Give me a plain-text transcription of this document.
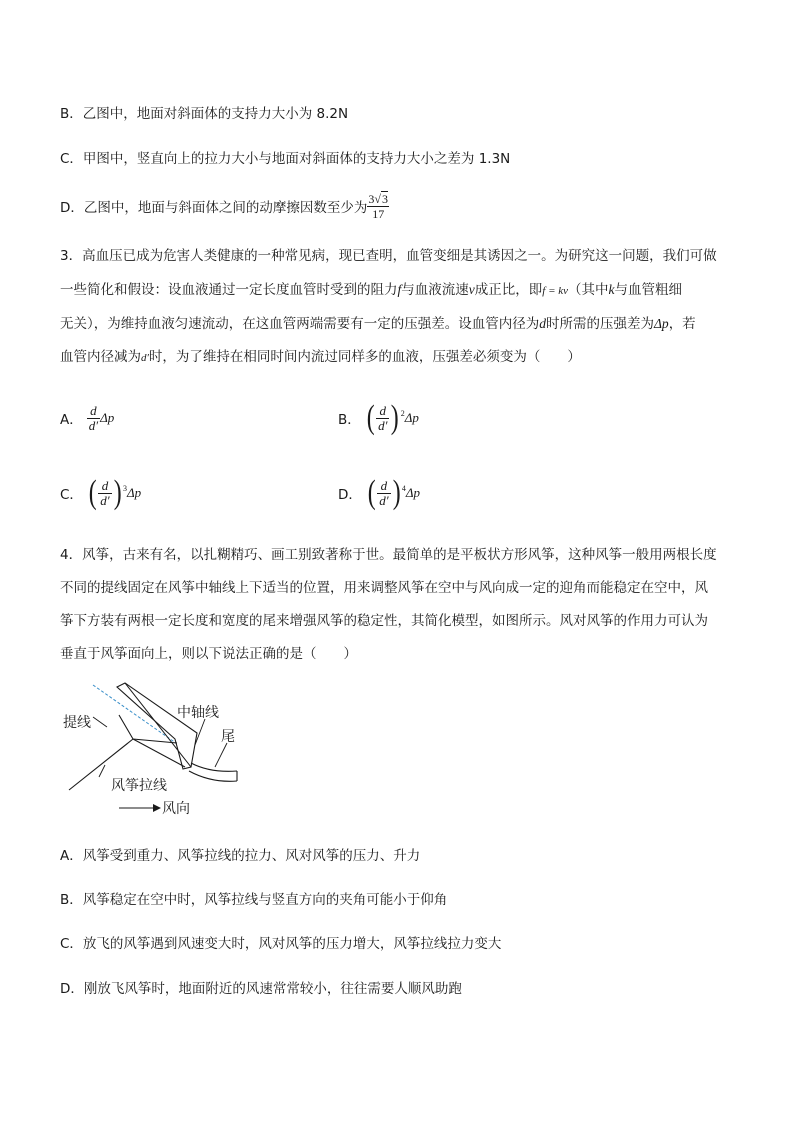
B．乙图中，地面对斜面体的支持力大小为 8.2N
C．甲图中，竖直向上的拉力大小与地面对斜面体的支持力大小之差为 1.3N
D．乙图中，地面与斜面体之间的动摩擦因数至少为 $\frac{3√3}{17}$
3．高血压已成为危害人类健康的一种常见病，现已查明，血管变细是其诱因之一。为研究这一问题，我们可做
一些简化和假设：设血液通过一定长度血管时受到的阻力f与血液流速v成正比，即f = kv（其中k与血管粗细
无关），为维持血液匀速流动，在这血管两端需要有一定的压强差。设血管内径为d时所需的压强差为Δp，若
血管内径减为d′时，为了维持在相同时间内流过同样多的血液，压强差必须变为（　　）
A． $\frac{d}{d'}$ Δp	B． ( $\frac{d}{d'}$ ) 2 Δp
C． ( $\frac{d}{d'}$ ) 3 Δp	D． ( $\frac{d}{d'}$ ) 4 Δp
4．风筝，古来有名，以扎糊精巧、画工别致著称于世。最简单的是平板状方形风筝，这种风筝一般用两根长度
不同的提线固定在风筝中轴线上下适当的位置，用来调整风筝在空中与风向成一定的迎角而能稳定在空中，风
筝下方装有两根一定长度和宽度的尾来增强风筝的稳定性，其简化模型，如图所示。风对风筝的作用力可认为
垂直于风筝面向上，则以下说法正确的是（　　）
提线
中轴线
尾
风筝拉线
风向
A．风筝受到重力、风筝拉线的拉力、风对风筝的压力、升力
B．风筝稳定在空中时，风筝拉线与竖直方向的夹角可能小于仰角
C．放飞的风筝遇到风速变大时，风对风筝的压力增大，风筝拉线拉力变大
D．刚放飞风筝时，地面附近的风速常常较小，往往需要人顺风助跑
